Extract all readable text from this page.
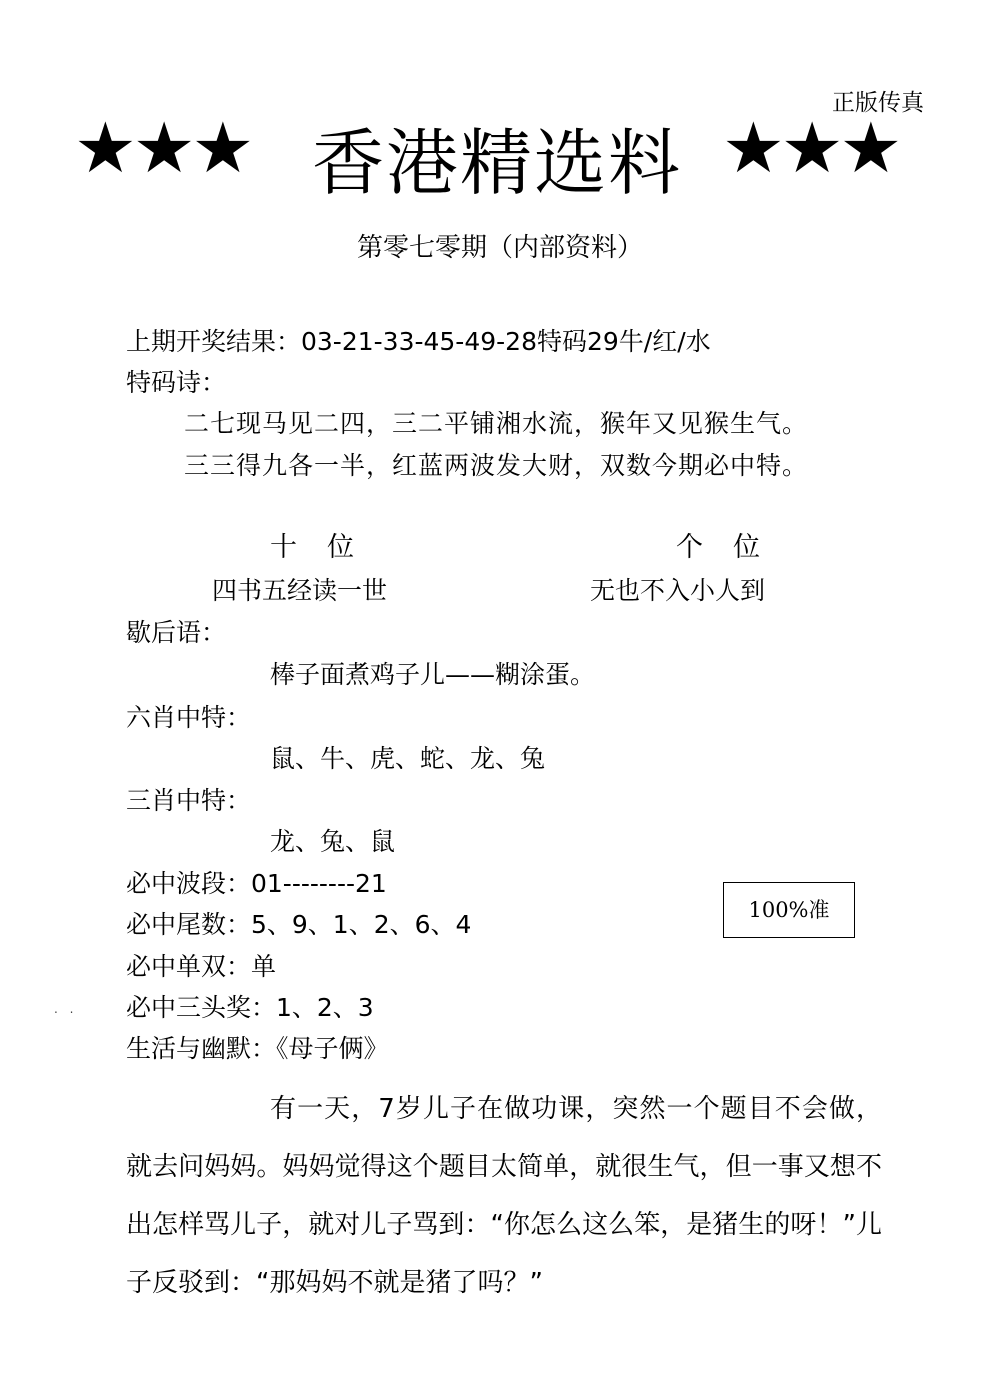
正版传真
★★★ 香港精选料 ★★★
第零七零期（内部资料）
上期开奖结果：03-21-33-45-49-28特码29牛/红/水
特码诗：
二七现马见二四，三二平铺湘水流，猴年又见猴生气。
三三得九各一半，红蓝两波发大财，双数今期必中特。
十位	个位
四书五经读一世	无也不入小人到
歇后语：
棒子面煮鸡子儿——糊涂蛋。
六肖中特：
鼠、牛、虎、蛇、龙、兔
三肖中特：
龙、兔、鼠
必中波段：01--------21
必中尾数：5、9、1、2、6、4
必中单双：单
必中三头奖：1、2、3
100%准
. .
生活与幽默：《母子俩》
有一天，7岁儿子在做功课，突然一个题目不会做，就去问妈妈。妈妈觉得这个题目太简单，就很生气，但一事又想不出怎样骂儿子，就对儿子骂到：“你怎么这么笨，是猪生的呀！”儿子反驳到：“那妈妈不就是猪了吗？”
